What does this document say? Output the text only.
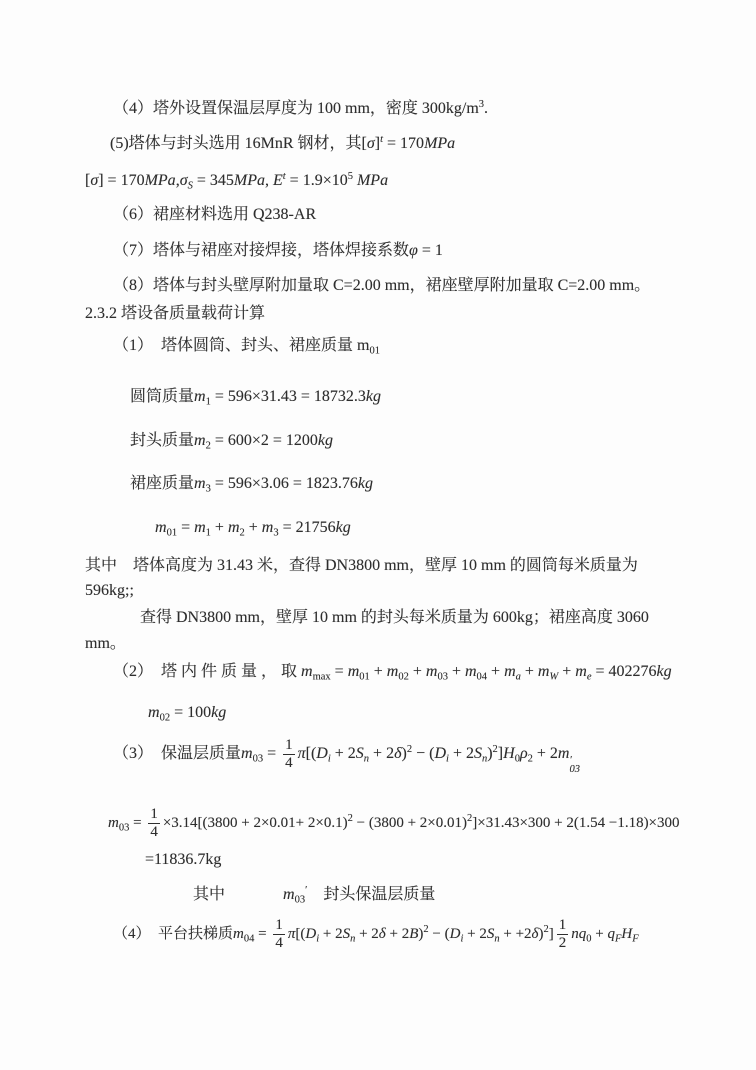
（4）塔外设置保温层厚度为 100 mm，密度 $300kg/m^3$.
(5)塔体与封头选用 16MnR 钢材，其$[\sigma]^t = 170MPa$
$[\sigma] = 170MPa,\sigma_S = 345MPa$, $E^t = 1.9\times 10^5$ MPa
（6）裙座材料选用 Q238-AR
（7）塔体与裙座对接焊接，塔体焊接系数φ = 1
（8）塔体与封头壁厚附加量取 C=2.00 mm，裙座壁厚附加量取 C=2.00 mm。
2.3.2 塔设备质量载荷计算
（1）　塔体圆筒、封头、裙座质量 $m_{01}$
圆筒质量$m_1 = 596\times 31.43 = 18732.3kg$
封头质量$m_2 = 600\times 2 = 1200kg$
裙座质量$m_3 = 596\times 3.06 = 1823.76kg$
$m_{01} = m_1 + m_2 + m_3 = 21756kg$
其中　塔体高度为 31.43 米，查得 DN3800 mm，壁厚 10 mm 的圆筒每米质量为
596kg;;
查得 DN3800 mm，壁厚 10 mm 的封头每米质量为 600kg；裙座高度 3060
mm。
（2）　塔 内 件 质 量 ， 取 $m_{max} = m_{01} + m_{02} + m_{03} + m_{04} + m_a + m_W + m_e = 402276kg$
$m_{02} = 100kg$
（3）　保温层质量$m_{03} = \frac{1}{4} \pi[(D_i + 2S_n + 2\delta)^2 - (D_i + 2S_n)^2]H_0\rho_2 + 2m$ ′
03
$m_{03} = \frac{1}{4} \times 3.14[(3800 + 2\times 0.01+ 2\times 0.1)^2 - (3800 + 2\times 0.01)^2]\times 31.43\times 300 + 2(1.54 -1.18)\times 300$
=11836.7kg
其中	$m_{03}'$ 封头保温层质量
（4）　平台扶梯质$m_{04} = \frac{1}{4} \pi[(D_i + 2S_n + 2\delta + 2B)^2 - (D_i + 2S_n + +2\delta)^2] \frac{1}{2} nq_0 + q_FH_F$
